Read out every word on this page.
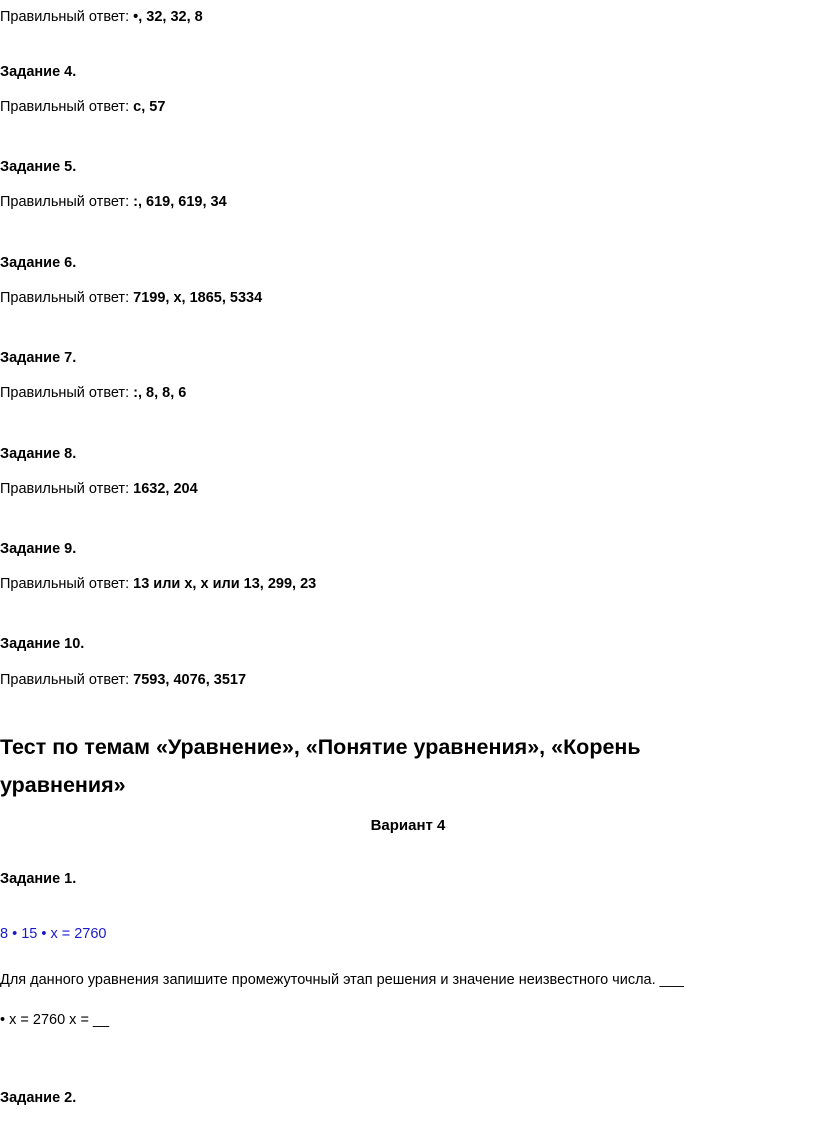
Правильный ответ: •, 32, 32, 8
Задание 4.
Правильный ответ: с, 57
Задание 5.
Правильный ответ: :, 619, 619, 34
Задание 6.
Правильный ответ: 7199, х, 1865, 5334
Задание 7.
Правильный ответ: :, 8, 8, 6
Задание 8.
Правильный ответ: 1632, 204
Задание 9.
Правильный ответ: 13 или х, х или 13, 299, 23
Задание 10.
Правильный ответ: 7593, 4076, 3517
Тест по темам «Уравнение», «Понятие уравнения», «Корень уравнения»
Вариант 4
Задание 1.
8 • 15 • х = 2760
Для данного уравнения запишите промежуточный этап решения и значение неизвестного числа. ___
• х = 2760 х = __
Задание 2.
